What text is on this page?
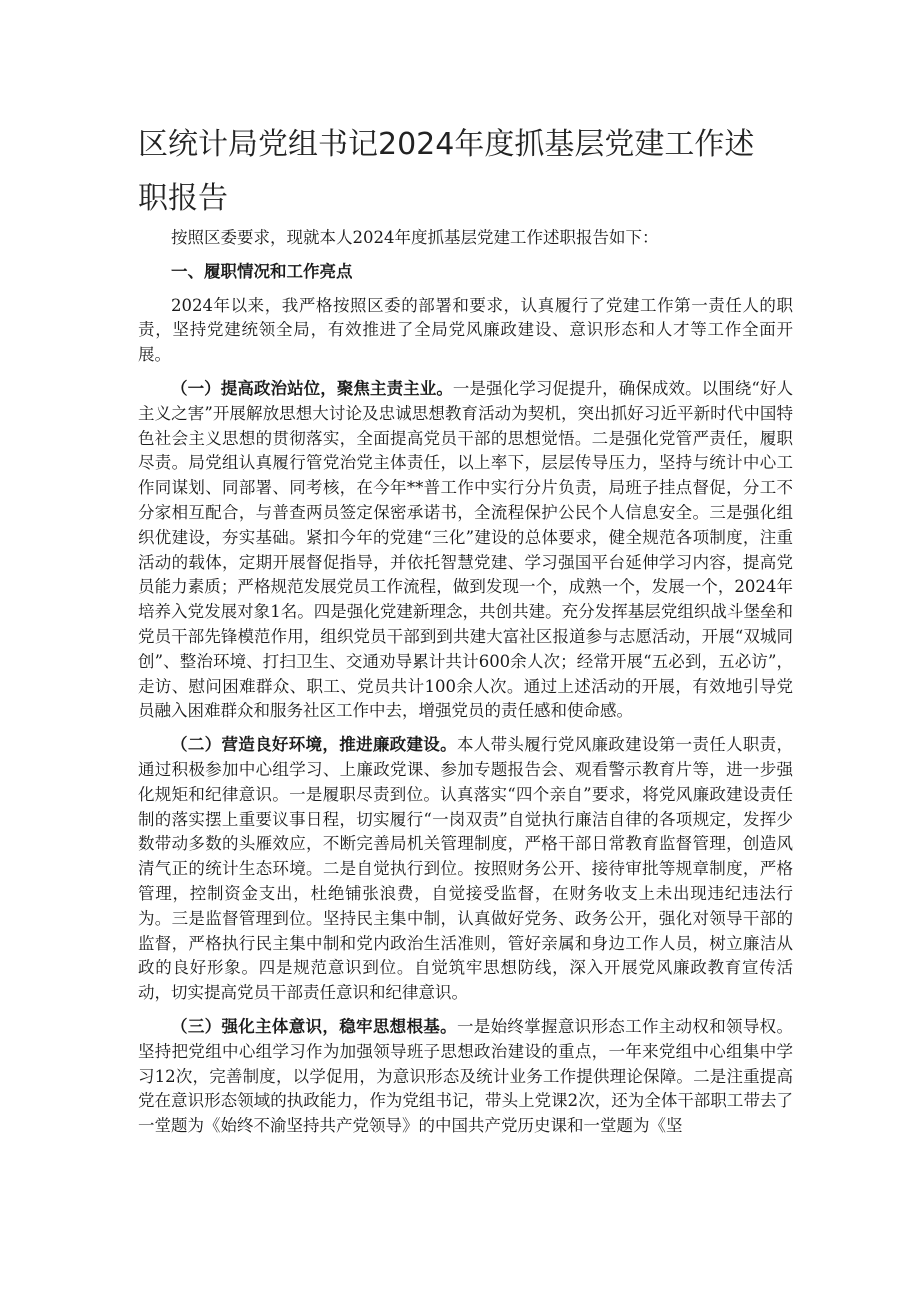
区统计局党组书记2024年度抓基层党建工作述职报告

按照区委要求，现就本人2024年度抓基层党建工作述职报告如下：

一、履职情况和工作亮点

2024年以来，我严格按照区委的部署和要求，认真履行了党建工作第一责任人的职责，坚持党建统领全局，有效推进了全局党风廉政建设、意识形态和人才等工作全面开展。

（一）提高政治站位，聚焦主责主业。一是强化学习促提升，确保成效。以围绕“好人主义之害”开展解放思想大讨论及忠诚思想教育活动为契机，突出抓好习近平新时代中国特色社会主义思想的贯彻落实，全面提高党员干部的思想觉悟。二是强化党管严责任，履职尽责。局党组认真履行管党治党主体责任，以上率下，层层传导压力，坚持与统计中心工作同谋划、同部署、同考核，在今年**普工作中实行分片负责，局班子挂点督促，分工不分家相互配合，与普查两员签定保密承诺书，全流程保护公民个人信息安全。三是强化组织优建设，夯实基础。紧扣今年的党建“三化”建设的总体要求，健全规范各项制度，注重活动的载体，定期开展督促指导，并依托智慧党建、学习强国平台延伸学习内容，提高党员能力素质；严格规范发展党员工作流程，做到发现一个，成熟一个，发展一个，2024年培养入党发展对象1名。四是强化党建新理念，共创共建。充分发挥基层党组织战斗堡垒和党员干部先锋模范作用，组织党员干部到到共建大富社区报道参与志愿活动，开展“双城同创”、整治环境、打扫卫生、交通劝导累计共计600余人次；经常开展“五必到，五必访”，走访、慰问困难群众、职工、党员共计100余人次。通过上述活动的开展，有效地引导党员融入困难群众和服务社区工作中去，增强党员的责任感和使命感。

（二）营造良好环境，推进廉政建设。本人带头履行党风廉政建设第一责任人职责，通过积极参加中心组学习、上廉政党课、参加专题报告会、观看警示教育片等，进一步强化规矩和纪律意识。一是履职尽责到位。认真落实“四个亲自”要求，将党风廉政建设责任制的落实摆上重要议事日程，切实履行“一岗双责”自觉执行廉洁自律的各项规定，发挥少数带动多数的头雁效应，不断完善局机关管理制度，严格干部日常教育监督管理，创造风清气正的统计生态环境。二是自觉执行到位。按照财务公开、接待审批等规章制度，严格管理，控制资金支出，杜绝铺张浪费，自觉接受监督，在财务收支上未出现违纪违法行为。三是监督管理到位。坚持民主集中制，认真做好党务、政务公开，强化对领导干部的监督，严格执行民主集中制和党内政治生活准则，管好亲属和身边工作人员，树立廉洁从政的良好形象。四是规范意识到位。自觉筑牢思想防线，深入开展党风廉政教育宣传活动，切实提高党员干部责任意识和纪律意识。

（三）强化主体意识，稳牢思想根基。一是始终掌握意识形态工作主动权和领导权。坚持把党组中心组学习作为加强领导班子思想政治建设的重点，一年来党组中心组集中学习12次，完善制度，以学促用，为意识形态及统计业务工作提供理论保障。二是注重提高党在意识形态领域的执政能力，作为党组书记，带头上党课2次，还为全体干部职工带去了一堂题为《始终不渝坚持共产党领导》的中国共产党历史课和一堂题为《坚
